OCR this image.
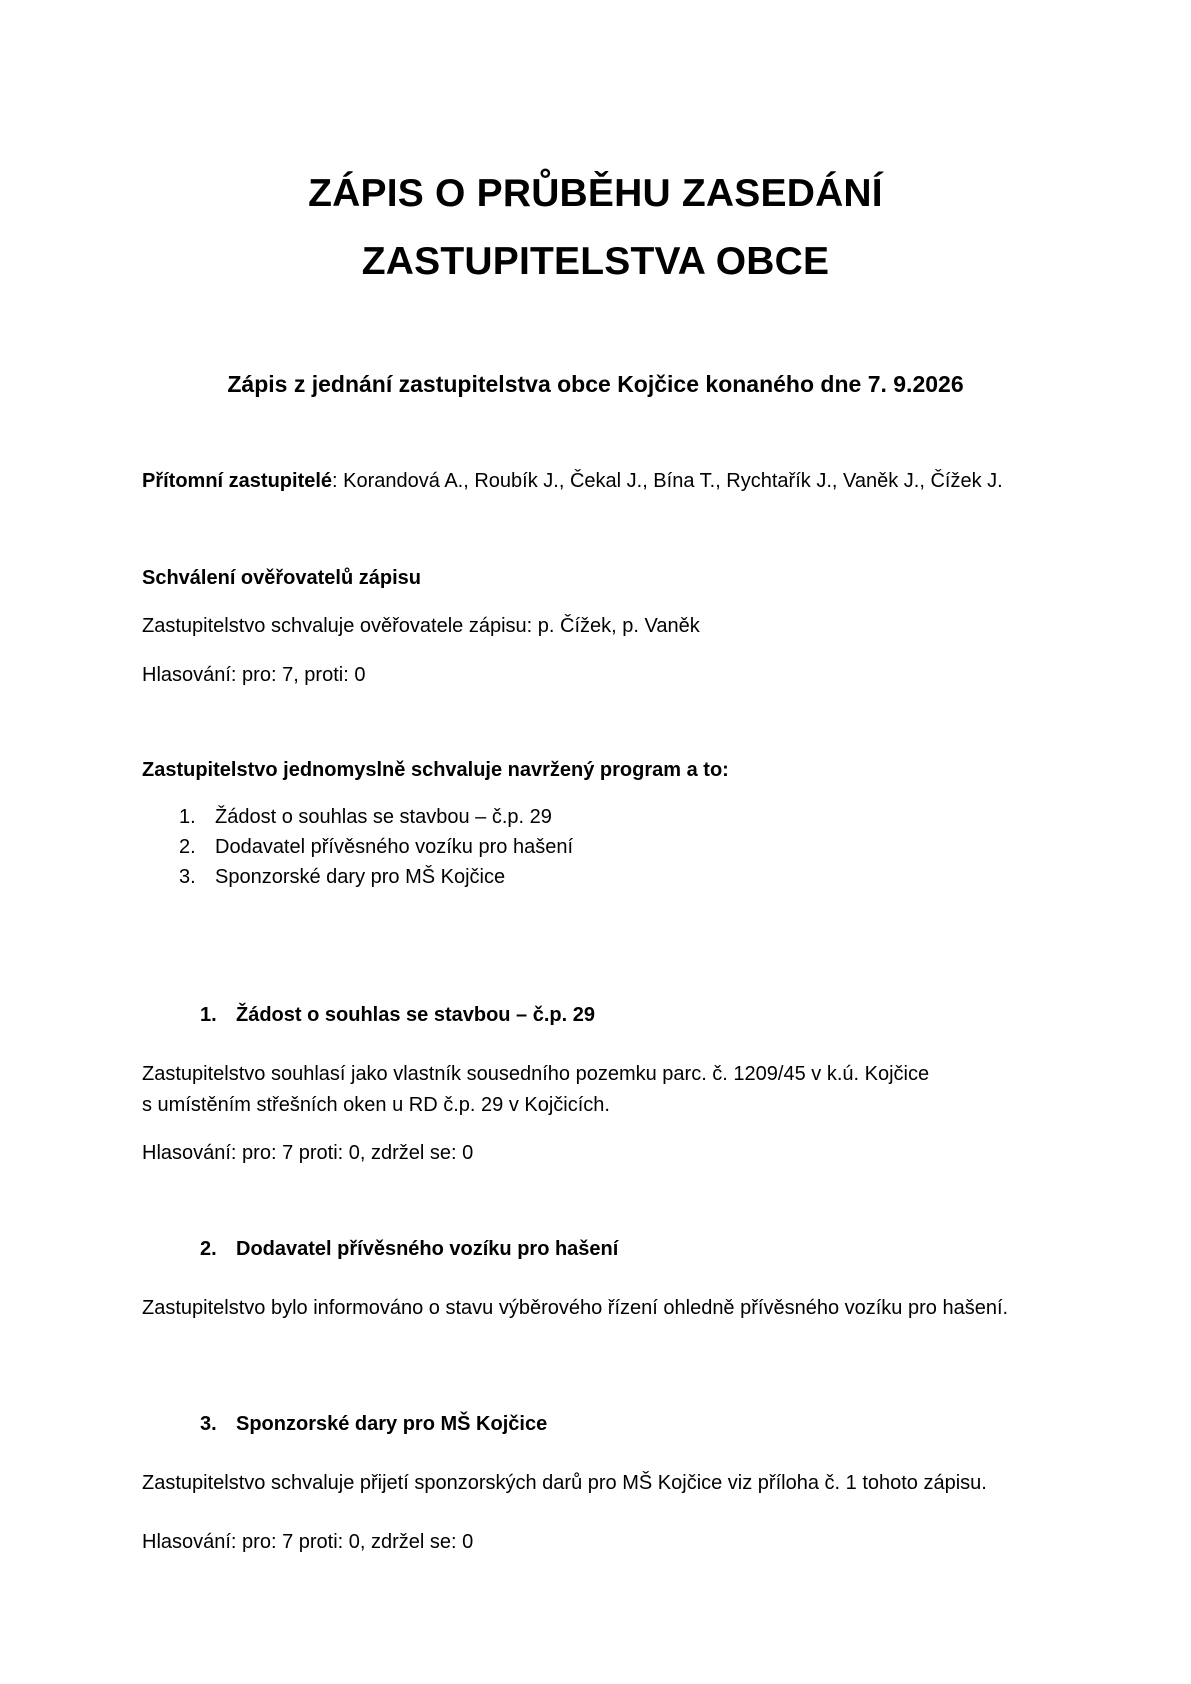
ZÁPIS O PRŮBĚHU ZASEDÁNÍ
ZASTUPITELSTVA OBCE
Zápis z jednání zastupitelstva obce Kojčice konaného dne 7. 9.2026
Přítomní zastupitelé: Korandová A., Roubík J., Čekal J., Bína T., Rychtařík J., Vaněk J., Čížek J.
Schválení ověřovatelů zápisu
Zastupitelstvo schvaluje ověřovatele zápisu: p. Čížek, p. Vaněk
Hlasování: pro: 7, proti: 0
Zastupitelstvo jednomyslně schvaluje navržený program a to:
1. Žádost o souhlas se stavbou – č.p. 29
2. Dodavatel přívěsného vozíku pro hašení
3. Sponzorské dary pro MŠ Kojčice
1. Žádost o souhlas se stavbou – č.p. 29
Zastupitelstvo souhlasí jako vlastník sousedního pozemku parc. č. 1209/45 v k.ú. Kojčice
s umístěním střešních oken u RD č.p. 29 v Kojčicích.
Hlasování: pro: 7 proti: 0, zdržel se: 0
2. Dodavatel přívěsného vozíku pro hašení
Zastupitelstvo bylo informováno o stavu výběrového řízení ohledně přívěsného vozíku pro hašení.
3. Sponzorské dary pro MŠ Kojčice
Zastupitelstvo schvaluje přijetí sponzorských darů pro MŠ Kojčice viz příloha č. 1 tohoto zápisu.
Hlasování: pro: 7 proti: 0, zdržel se: 0
